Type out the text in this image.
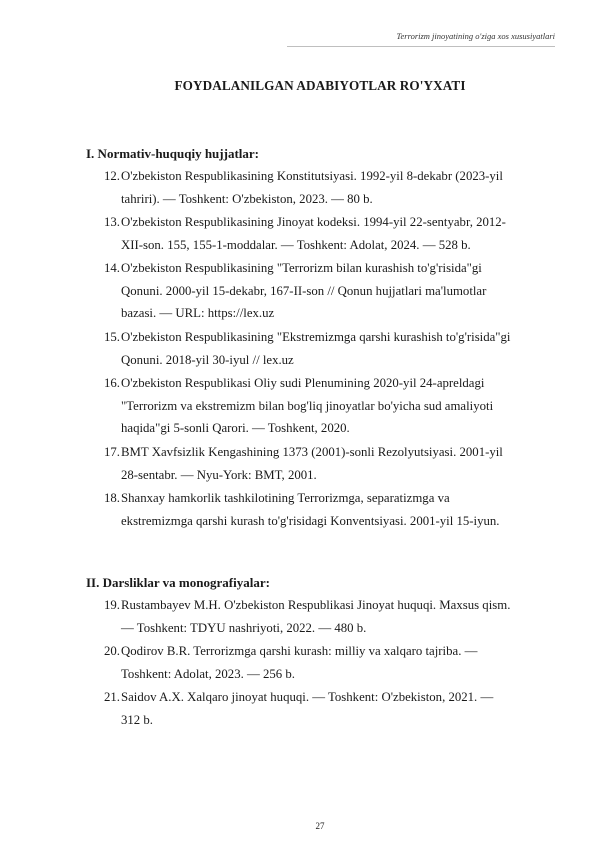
Terrorizm jinoyatining o'ziga xos xususiyatlari
FOYDALANILGAN ADABIYOTLAR RO'YXATI
I. Normativ-huquqiy hujjatlar:
II. Darsliklar va monografiyalar:
12. O'zbekiston Respublikasining Konstitutsiyasi. 1992-yil 8-dekabr (2023-yil
tahriri). — Toshkent: O'zbekiston, 2023. — 80 b.
13. O'zbekiston Respublikasining Jinoyat kodeksi. 1994-yil 22-sentyabr, 2012-
XII-son. 155, 155-1-moddalar. — Toshkent: Adolat, 2024. — 528 b.
14. O'zbekiston Respublikasining "Terrorizm bilan kurashish to'g'risida"gi
Qonuni. 2000-yil 15-dekabr, 167-II-son // Qonun hujjatlari ma'lumotlar
bazasi. — URL: https://lex.uz
15. O'zbekiston Respublikasining "Ekstremizmga qarshi kurashish to'g'risida"gi
Qonuni. 2018-yil 30-iyul // lex.uz
16. O'zbekiston Respublikasi Oliy sudi Plenumining 2020-yil 24-apreldagi
"Terrorizm va ekstremizm bilan bog'liq jinoyatlar bo'yicha sud amaliyoti
haqida"gi 5-sonli Qarori. — Toshkent, 2020.
17. BMT Xavfsizlik Kengashining 1373 (2001)-sonli Rezolyutsiyasi. 2001-yil
28-sentabr. — Nyu-York: BMT, 2001.
18. Shanxay hamkorlik tashkilotining Terrorizmga, separatizmga va
ekstremizmga qarshi kurash to'g'risidagi Konventsiyasi. 2001-yil 15-iyun.
19. Rustambayev M.H. O'zbekiston Respublikasi Jinoyat huquqi. Maxsus qism.
— Toshkent: TDYU nashriyoti, 2022. — 480 b.
20. Qodirov B.R. Terrorizmga qarshi kurash: milliy va xalqaro tajriba. —
Toshkent: Adolat, 2023. — 256 b.
21. Saidov A.X. Xalqaro jinoyat huquqi. — Toshkent: O'zbekiston, 2021. —
312 b.
27
